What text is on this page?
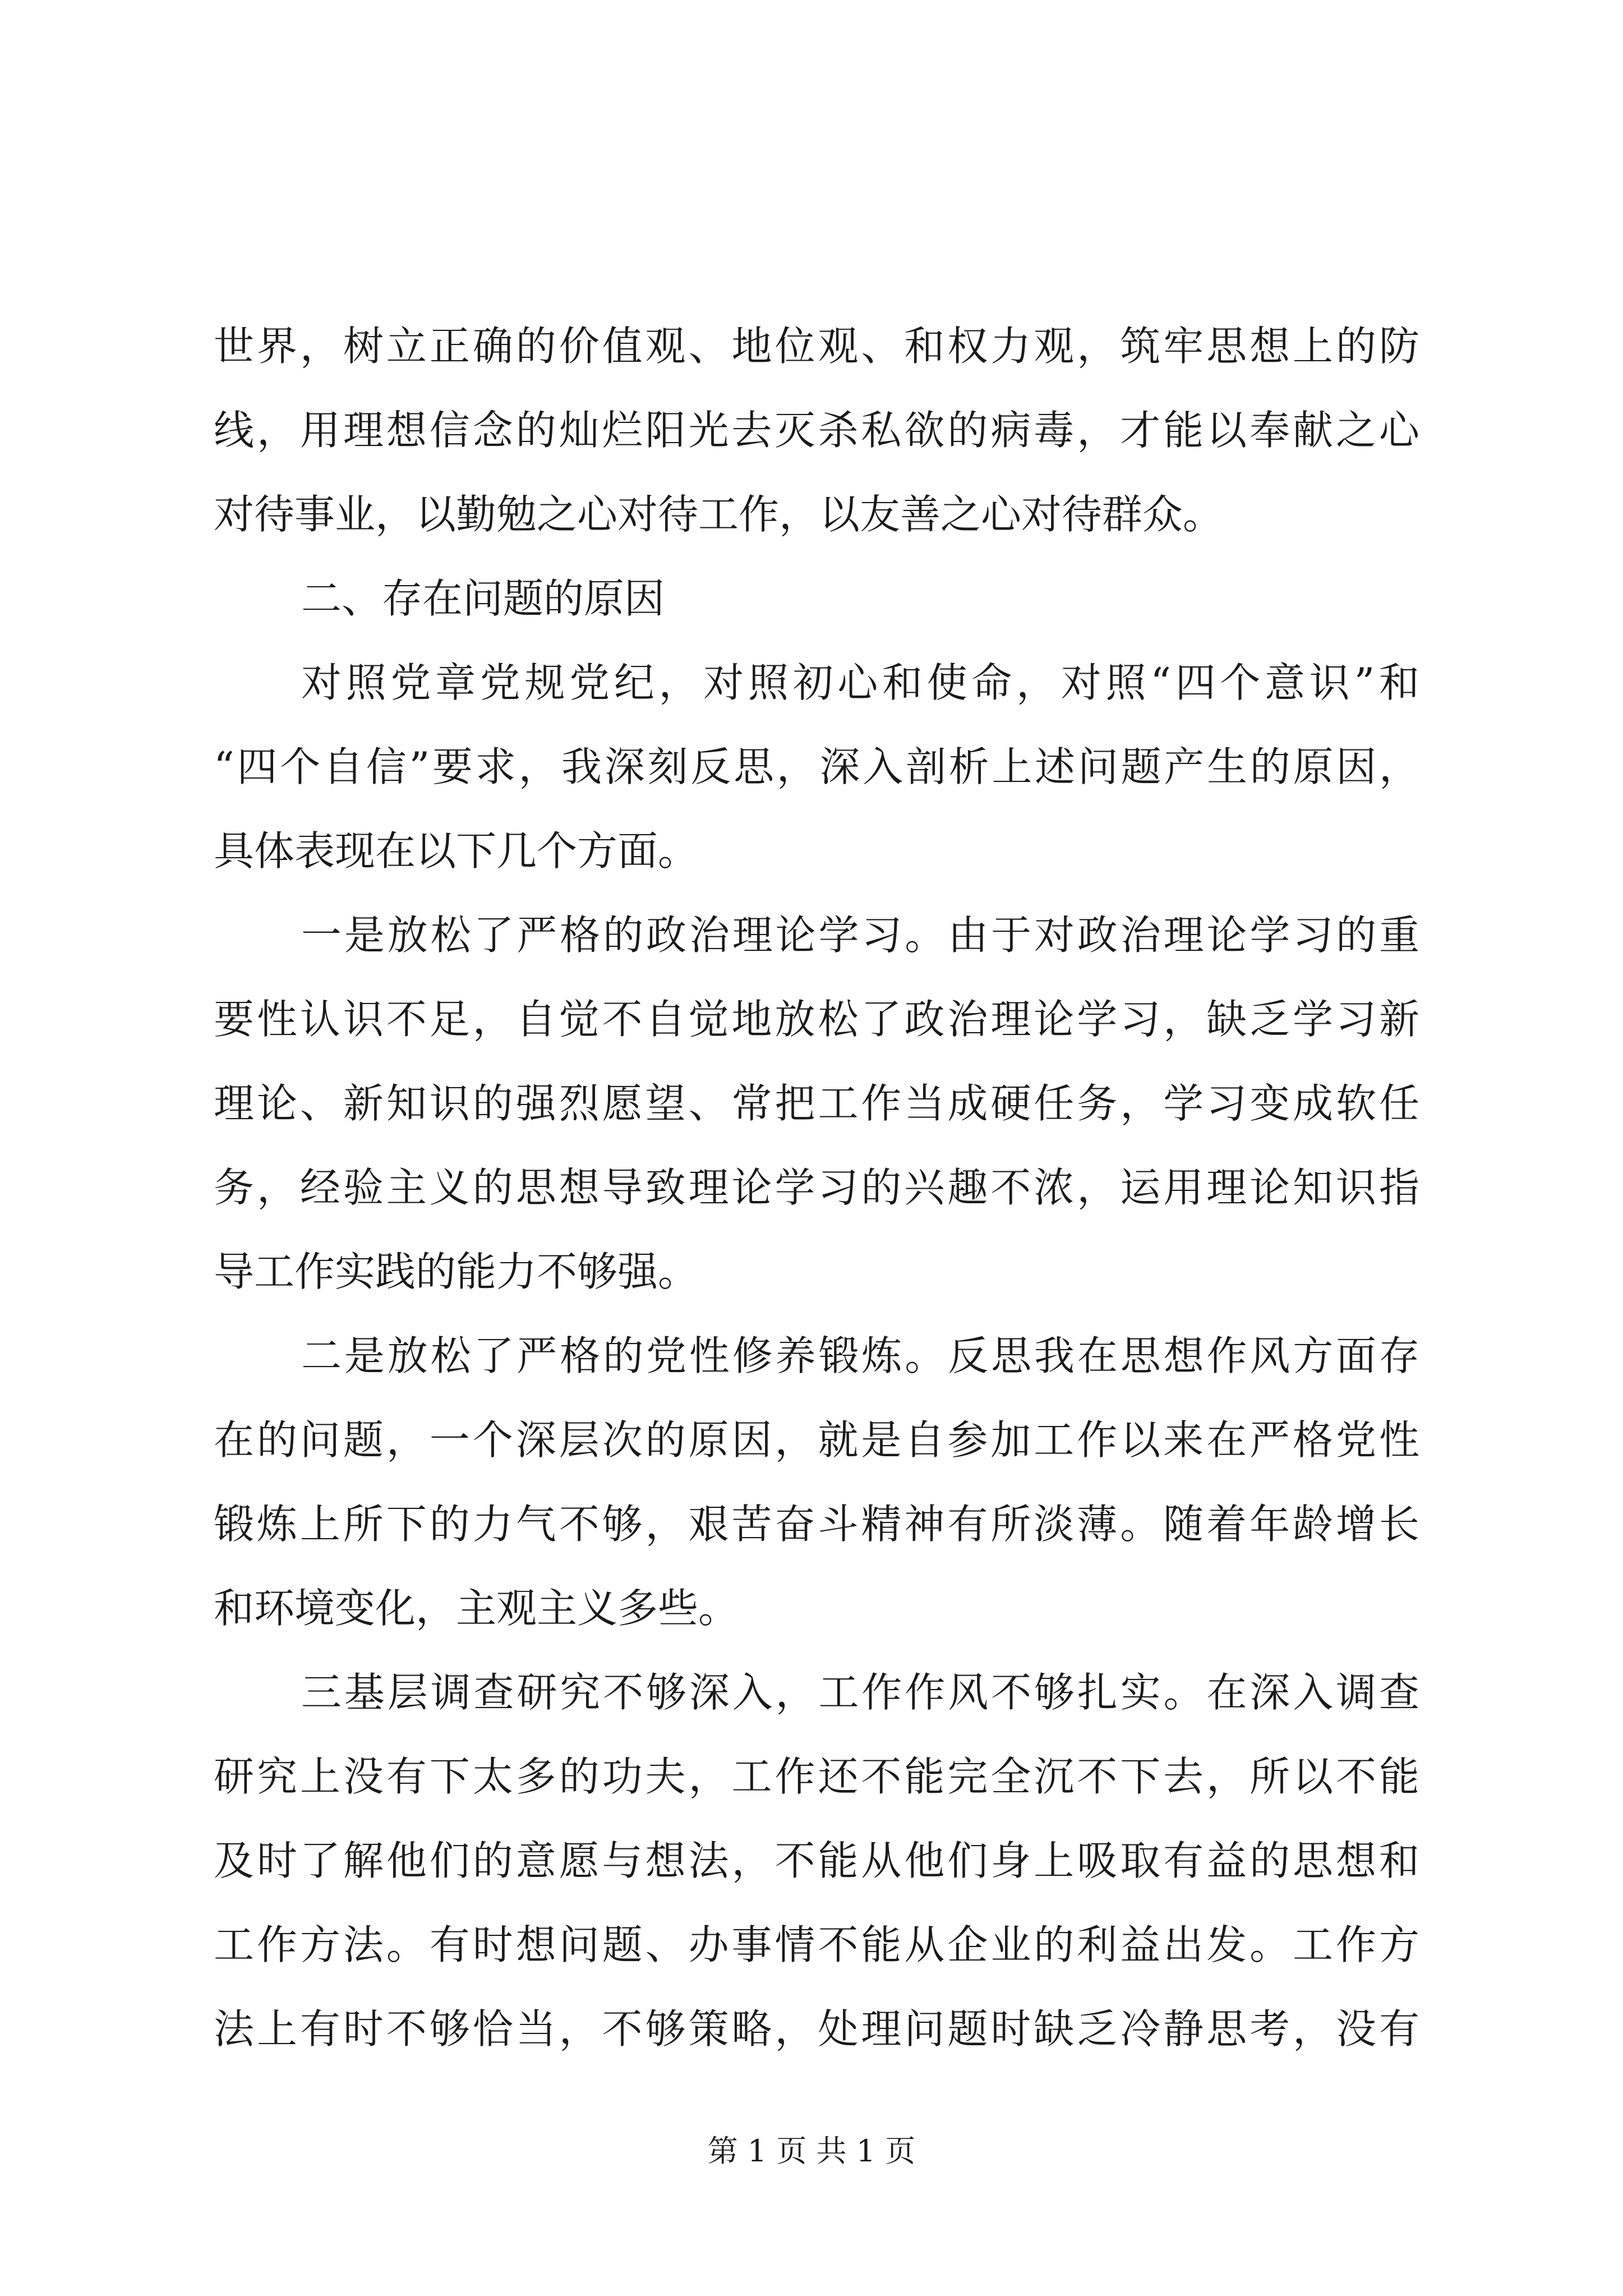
世界，树立正确的价值观、地位观、和权力观，筑牢思想上的防

线，用理想信念的灿烂阳光去灭杀私欲的病毒，才能以奉献之心

对待事业，以勤勉之心对待工作，以友善之心对待群众。

二、存在问题的原因

对照党章党规党纪，对照初心和使命，对照“四个意识”和

“四个自信”要求，我深刻反思，深入剖析上述问题产生的原因，

具体表现在以下几个方面。

一是放松了严格的政治理论学习。由于对政治理论学习的重

要性认识不足，自觉不自觉地放松了政治理论学习，缺乏学习新

理论、新知识的强烈愿望、常把工作当成硬任务，学习变成软任

务，经验主义的思想导致理论学习的兴趣不浓，运用理论知识指

导工作实践的能力不够强。

二是放松了严格的党性修养锻炼。反思我在思想作风方面存

在的问题，一个深层次的原因，就是自参加工作以来在严格党性

锻炼上所下的力气不够，艰苦奋斗精神有所淡薄。随着年龄增长

和环境变化，主观主义多些。

三基层调查研究不够深入，工作作风不够扎实。在深入调查

研究上没有下太多的功夫，工作还不能完全沉不下去，所以不能

及时了解他们的意愿与想法，不能从他们身上吸取有益的思想和

工作方法。有时想问题、办事情不能从企业的利益出发。工作方

法上有时不够恰当，不够策略，处理问题时缺乏冷静思考，没有

第 1 页 共 1 页
